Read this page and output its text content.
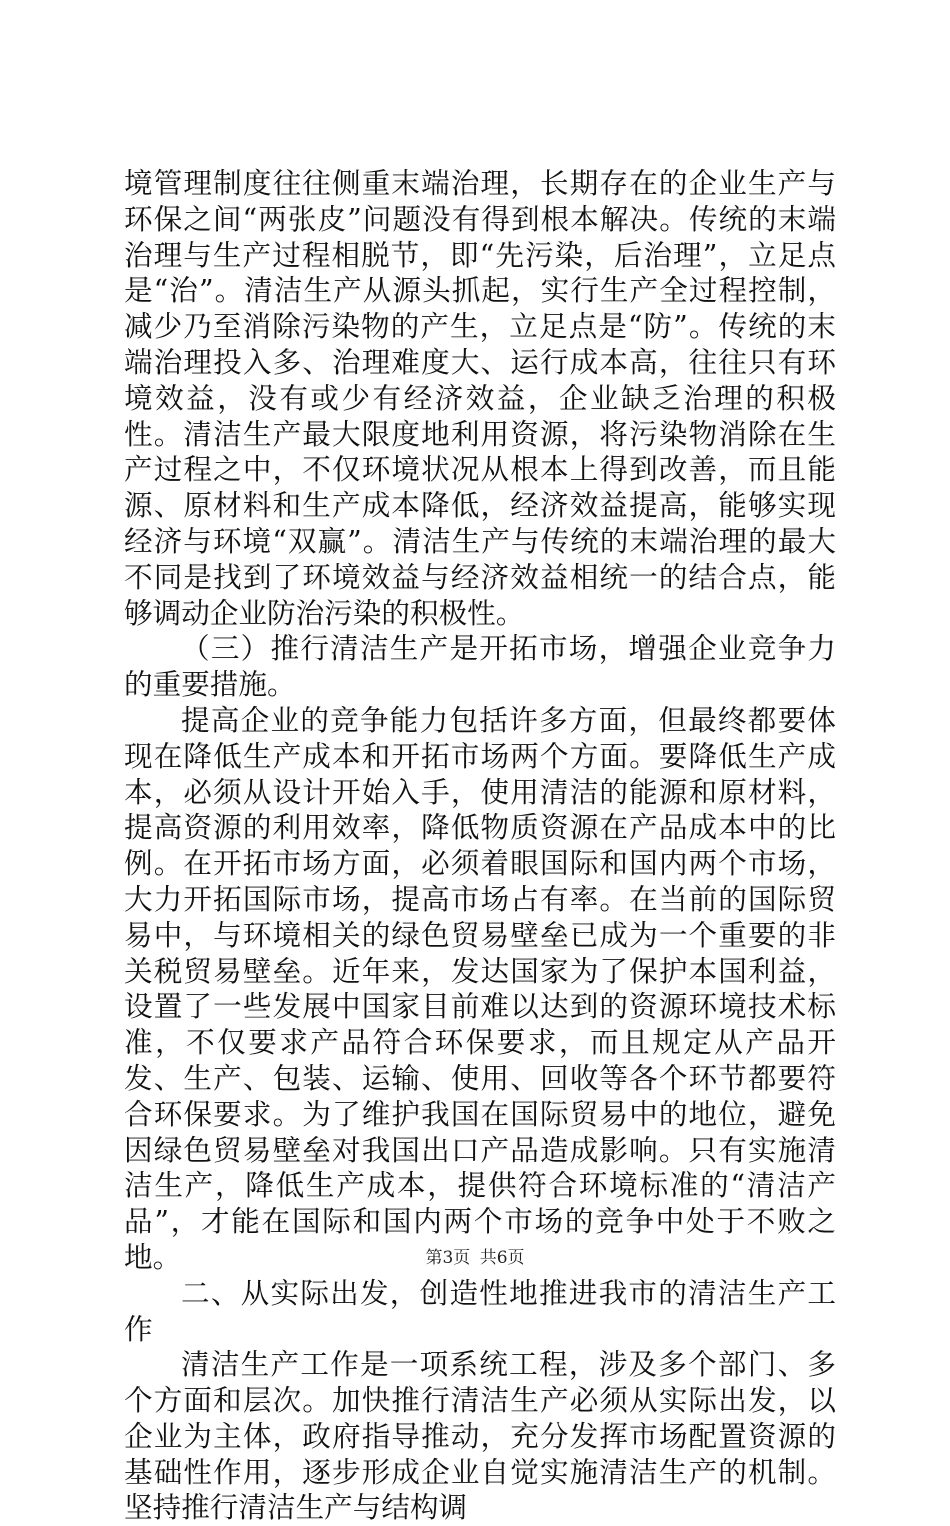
境管理制度往往侧重末端治理，长期存在的企业生产与环保之间“两张皮”问题没有得到根本解决。传统的末端治理与生产过程相脱节，即“先污染，后治理”，立足点是“治”。清洁生产从源头抓起，实行生产全过程控制，减少乃至消除污染物的产生，立足点是“防”。传统的末端治理投入多、治理难度大、运行成本高，往往只有环境效益，没有或少有经济效益，企业缺乏治理的积极性。清洁生产最大限度地利用资源，将污染物消除在生产过程之中，不仅环境状况从根本上得到改善，而且能源、原材料和生产成本降低，经济效益提高，能够实现经济与环境“双赢”。清洁生产与传统的末端治理的最大不同是找到了环境效益与经济效益相统一的结合点，能够调动企业防治污染的积极性。

（三）推行清洁生产是开拓市场，增强企业竞争力的重要措施。

提高企业的竞争能力包括许多方面，但最终都要体现在降低生产成本和开拓市场两个方面。要降低生产成本，必须从设计开始入手，使用清洁的能源和原材料，提高资源的利用效率，降低物质资源在产品成本中的比例。在开拓市场方面，必须着眼国际和国内两个市场，大力开拓国际市场，提高市场占有率。在当前的国际贸易中，与环境相关的绿色贸易壁垒已成为一个重要的非关税贸易壁垒。近年来，发达国家为了保护本国利益，设置了一些发展中国家目前难以达到的资源环境技术标准，不仅要求产品符合环保要求，而且规定从产品开发、生产、包装、运输、使用、回收等各个环节都要符合环保要求。为了维护我国在国际贸易中的地位，避免因绿色贸易壁垒对我国出口产品造成影响。只有实施清洁生产，降低生产成本，提供符合环境标准的“清洁产品”，才能在国际和国内两个市场的竞争中处于不败之地。

二、从实际出发，创造性地推进我市的清洁生产工作

清洁生产工作是一项系统工程，涉及多个部门、多个方面和层次。加快推行清洁生产必须从实际出发，以企业为主体，政府指导推动，充分发挥市场配置资源的基础性作用，逐步形成企业自觉实施清洁生产的机制。坚持推行清洁生产与结构调

第3页 共6页
